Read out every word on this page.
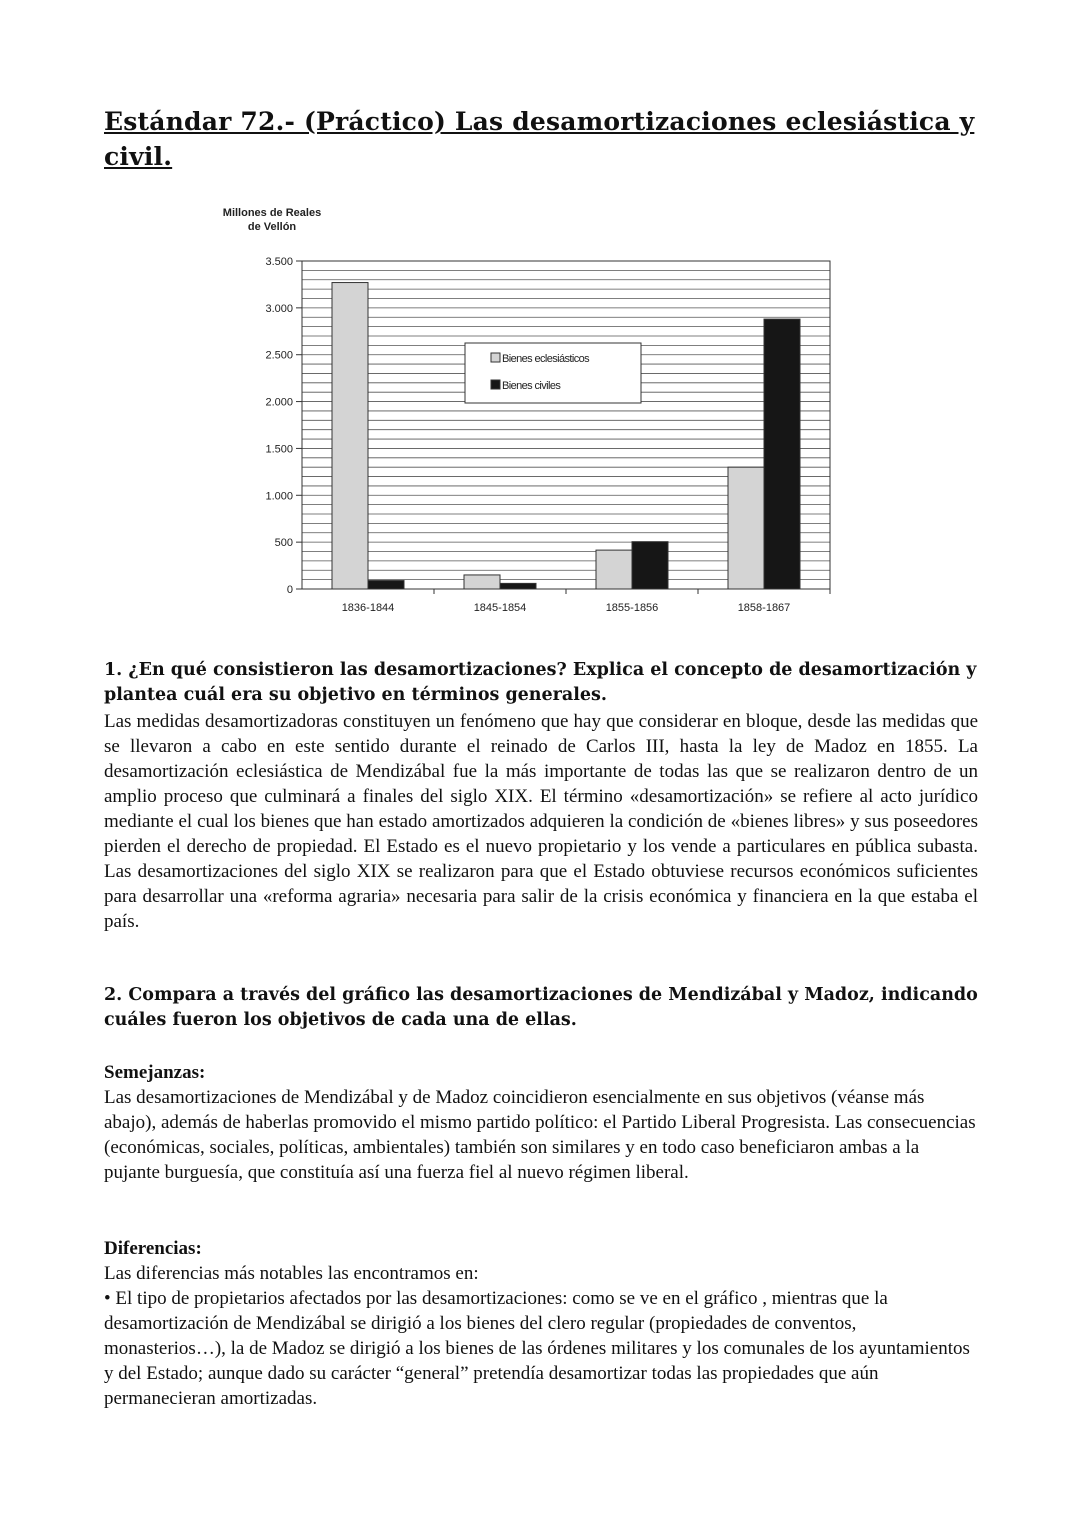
Estándar 72.- (Práctico) Las desamortizaciones eclesiástica y civil.
Millones de Reales de Vellón
0
500
1.000
1.500
2.000
2.500
3.000
3.500
1836-1844	1845-1854	1855-1856	1858-1867
Bienes eclesiásticos
Bienes civiles

1. ¿En qué consistieron las desamortizaciones? Explica el concepto de desamortización y plantea cuál era su objetivo en términos generales.

Las medidas desamortizadoras constituyen un fenómeno que hay que considerar en bloque, desde las medidas que se llevaron a cabo en este sentido durante el reinado de Carlos III, hasta la ley de Madoz en 1855. La desamortización eclesiástica de Mendizábal fue la más importante de todas las que se realizaron dentro de un amplio proceso que culminará a finales del siglo XIX. El término «desamortización» se refiere al acto jurídico mediante el cual los bienes que han estado amortizados adquieren la condición de «bienes libres» y sus poseedores pierden el derecho de propiedad. El Estado es el nuevo propietario y los vende a particulares en pública subasta. Las desamortizaciones del siglo XIX se realizaron para que el Estado obtuviese recursos económicos suficientes para desarrollar una «reforma agraria» necesaria para salir de la crisis económica y financiera en la que estaba el país.

2. Compara a través del gráfico las desamortizaciones de Mendizábal y Madoz, indicando cuáles fueron los objetivos de cada una de ellas.

Semejanzas:

Las desamortizaciones de Mendizábal y de Madoz coincidieron esencialmente en sus objetivos (véanse más abajo), además de haberlas promovido el mismo partido político: el Partido Liberal Progresista. Las consecuencias (económicas, sociales, políticas, ambientales) también son similares y en todo caso beneficiaron ambas a la pujante burguesía, que constituía así una fuerza fiel al nuevo régimen liberal.

Diferencias:

Las diferencias más notables las encontramos en:

• El tipo de propietarios afectados por las desamortizaciones: como se ve en el gráfico , mientras que la desamortización de Mendizábal se dirigió a los bienes del clero regular (propiedades de conventos, monasterios…), la de Madoz se dirigió a los bienes de las órdenes militares y los comunales de los ayuntamientos y del Estado; aunque dado su carácter “general” pretendía desamortizar todas las propiedades que aún permanecieran amortizadas.
